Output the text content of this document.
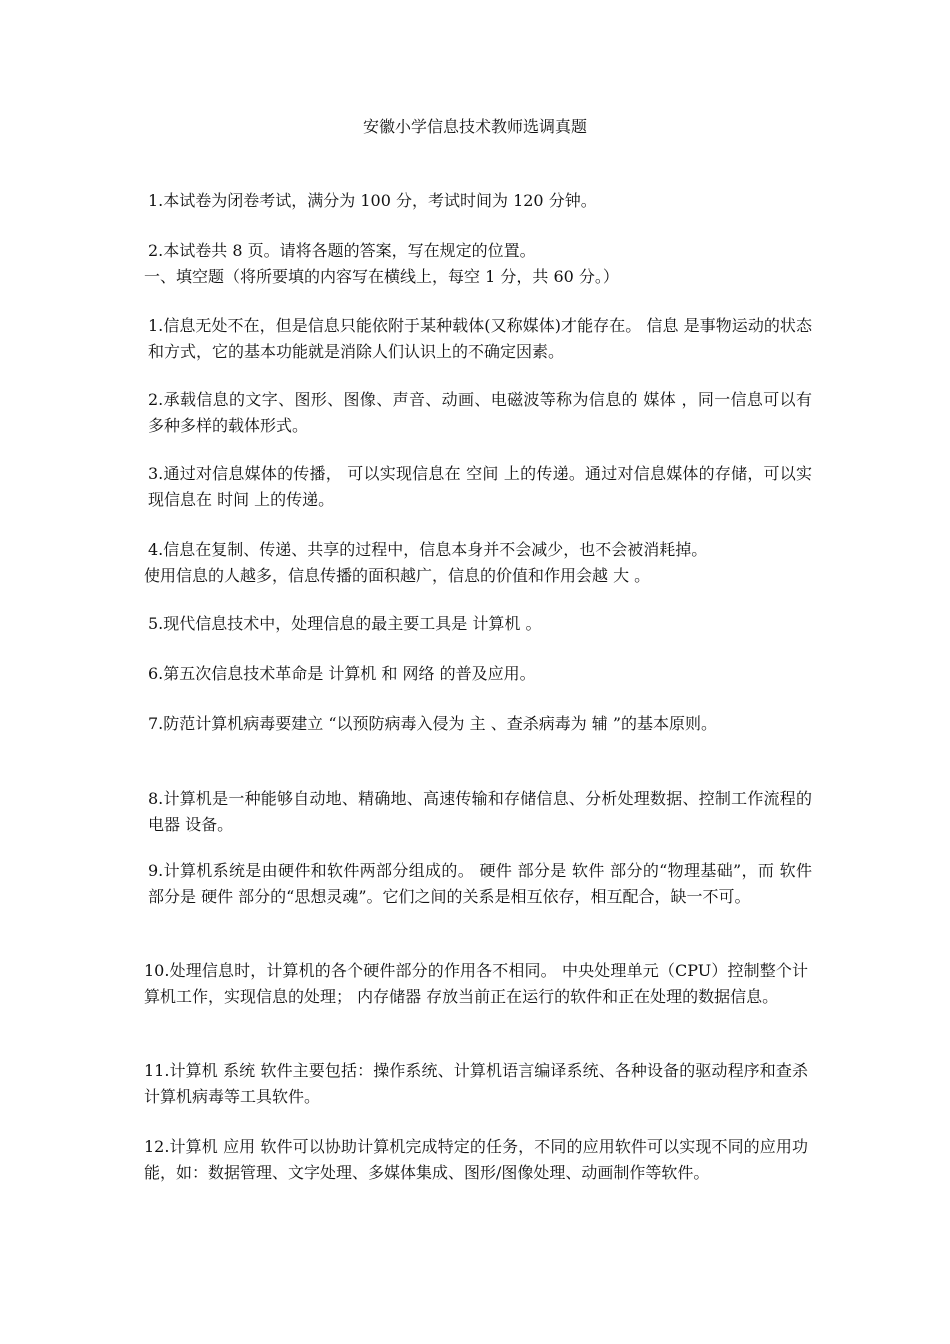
安徽小学信息技术教师选调真题
1.本试卷为闭卷考试，满分为 100 分，考试时间为 120 分钟。
2.本试卷共 8 页。请将各题的答案，写在规定的位置。
一、填空题（将所要填的内容写在横线上，每空 1 分，共 60 分。）
1.信息无处不在，但是信息只能依附于某种载体(又称媒体)才能存在。 信息 是事物运动的状态和方式，它的基本功能就是消除人们认识上的不确定因素。
2.承载信息的文字、图形、图像、声音、动画、电磁波等称为信息的 媒体 ，同一信息可以有多种多样的载体形式。
3.通过对信息媒体的传播， 可以实现信息在 空间 上的传递。通过对信息媒体的存储，可以实现信息在 时间 上的传递。
4.信息在复制、传递、共享的过程中，信息本身并不会减少，也不会被消耗掉。
使用信息的人越多，信息传播的面积越广，信息的价值和作用会越 大 。
5.现代信息技术中，处理信息的最主要工具是 计算机 。
6.第五次信息技术革命是 计算机 和 网络 的普及应用。
7.防范计算机病毒要建立 “以预防病毒入侵为 主 、查杀病毒为 辅 ”的基本原则。
8.计算机是一种能够自动地、精确地、高速传输和存储信息、分析处理数据、控制工作流程的 电器 设备。
9.计算机系统是由硬件和软件两部分组成的。 硬件 部分是 软件 部分的“物理基础”，而 软件 部分是 硬件 部分的“思想灵魂”。它们之间的关系是相互依存，相互配合，缺一不可。
10.处理信息时，计算机的各个硬件部分的作用各不相同。 中央处理单元（CPU）控制整个计算机工作，实现信息的处理； 内存储器 存放当前正在运行的软件和正在处理的数据信息。
11.计算机 系统 软件主要包括：操作系统、计算机语言编译系统、各种设备的驱动程序和查杀计算机病毒等工具软件。
12.计算机 应用 软件可以协助计算机完成特定的任务，不同的应用软件可以实现不同的应用功能，如：数据管理、文字处理、多媒体集成、图形/图像处理、动画制作等软件。
